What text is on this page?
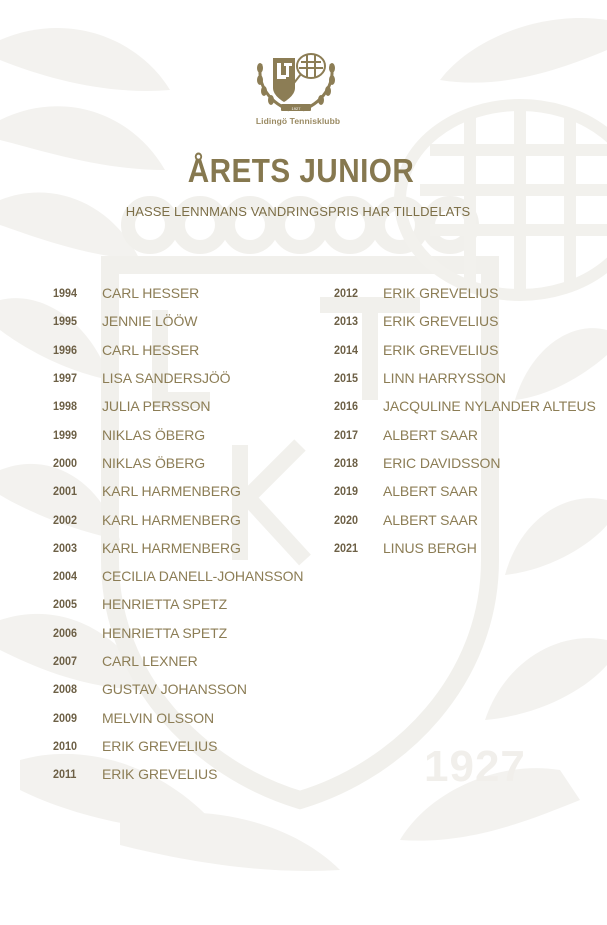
1927
1927
Lidingö Tennisklubb
ÅRETS JUNIOR
HASSE LENNMANS VANDRINGSPRIS HAR TILLDELATS
1994	CARL HESSER
1995	JENNIE LÖÖW
1996	CARL HESSER
1997	LISA SANDERSJÖÖ
1998	JULIA PERSSON
1999	NIKLAS ÖBERG
2000	NIKLAS ÖBERG
2001	KARL HARMENBERG
2002	KARL HARMENBERG
2003	KARL HARMENBERG
2004	CECILIA DANELL-JOHANSSON
2005	HENRIETTA SPETZ
2006	HENRIETTA SPETZ
2007	CARL LEXNER
2008	GUSTAV JOHANSSON
2009	MELVIN OLSSON
2010	ERIK GREVELIUS
2011	ERIK GREVELIUS
2012	ERIK GREVELIUS
2013	ERIK GREVELIUS
2014	ERIK GREVELIUS
2015	LINN HARRYSSON
2016	JACQULINE NYLANDER ALTEUS
2017	ALBERT SAAR
2018	ERIC DAVIDSSON
2019	ALBERT SAAR
2020	ALBERT SAAR
2021	LINUS BERGH
